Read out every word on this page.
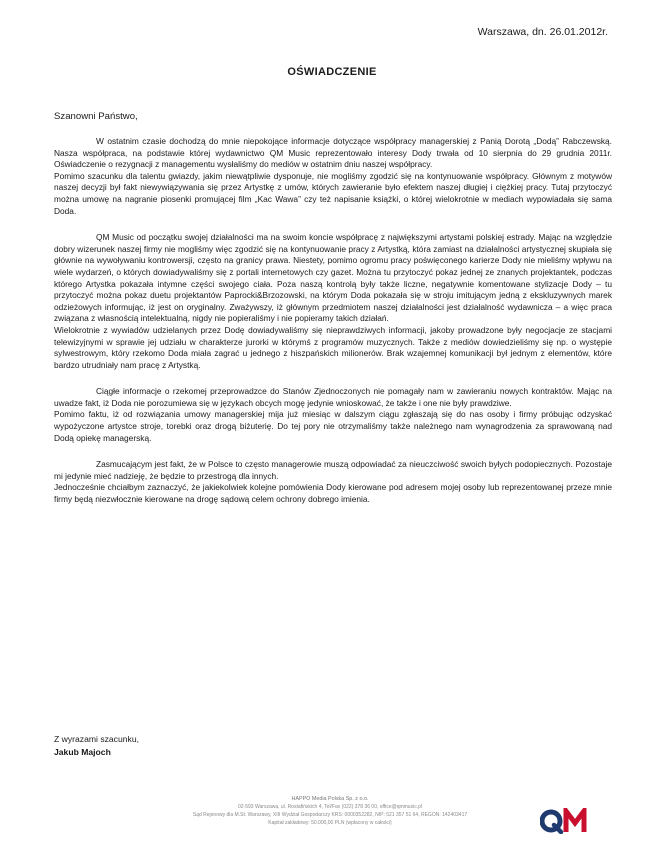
Warszawa, dn. 26.01.2012r.
OŚWIADCZENIE
Szanowni Państwo,

W ostatnim czasie dochodzą do mnie niepokojące informacje dotyczące współpracy managerskiej z Panią Dorotą „Dodą” Rabczewską. Nasza współpraca, na podstawie której wydawnictwo QM Music reprezentowało interesy Dody trwała od 10 sierpnia do 29 grudnia 2011r. Oświadczenie o rezygnacji z managementu wysłaliśmy do mediów w ostatnim dniu naszej współpracy.

Pomimo szacunku dla talentu gwiazdy, jakim niewątpliwie dysponuje, nie mogliśmy zgodzić się na kontynuowanie współpracy. Głównym z motywów naszej decyzji był fakt niewywiązywania się przez Artystkę z umów, których zawieranie było efektem naszej długiej i ciężkiej pracy. Tutaj przytoczyć można umowę na nagranie piosenki promującej film „Kac Wawa” czy też napisanie książki, o której wielokrotnie w mediach wypowiadała się sama Doda.

QM Music od początku swojej działalności ma na swoim koncie współpracę z największymi artystami polskiej estrady. Mając na względzie dobry wizerunek naszej firmy nie mogliśmy więc zgodzić się na kontynuowanie pracy z Artystką, która zamiast na działalności artystycznej skupiała się głównie na wywoływaniu kontrowersji, często na granicy prawa. Niestety, pomimo ogromu pracy poświęconego karierze Dody nie mieliśmy wpływu na wiele wydarzeń, o których dowiadywaliśmy się z portali internetowych czy gazet. Można tu przytoczyć pokaz jednej ze znanych projektantek, podczas którego Artystka pokazała intymne części swojego ciała. Poza naszą kontrolą były także liczne, negatywnie komentowane stylizacje Dody – tu przytoczyć można pokaz duetu projektantów Paprocki&Brzozowski, na którym Doda pokazała się w stroju imitującym jedną z ekskluzywnych marek odzieżowych informując, iż jest on oryginalny. Zważywszy, iż głównym przedmiotem naszej działalności jest działalność wydawnicza – a więc praca związana z własnością intelektualną, nigdy nie popieraliśmy i nie popieramy takich działań.

Wielokrotnie z wywiadów udzielanych przez Dodę dowiadywaliśmy się nieprawdziwych informacji, jakoby prowadzone były negocjacje ze stacjami telewizyjnymi w sprawie jej udziału w charakterze jurorki w którymś z programów muzycznych. Także z mediów dowiedzieliśmy się np. o występie sylwestrowym, który rzekomo Doda miała zagrać u jednego z hiszpańskich milionerów. Brak wzajemnej komunikacji był jednym z elementów, które bardzo utrudniały nam pracę z Artystką.

Ciągłe informacje o rzekomej przeprowadzce do Stanów Zjednoczonych nie pomagały nam w zawieraniu nowych kontraktów. Mając na uwadze fakt, iż Doda nie porozumiewa się w językach obcych mogę jedynie wnioskować, że także i one nie były prawdziwe.

Pomimo faktu, iż od rozwiązania umowy managerskiej mija już miesiąc w dalszym ciągu zgłaszają się do nas osoby i firmy próbując odzyskać wypożyczone artystce stroje, torebki oraz drogą biżuterię. Do tej pory nie otrzymaliśmy także należnego nam wynagrodzenia za sprawowaną nad Dodą opiekę managerską.

Zasmucającym jest fakt, że w Polsce to często managerowie muszą odpowiadać za nieuczciwość swoich byłych podopiecznych. Pozostaje mi jedynie mieć nadzieję, że będzie to przestrogą dla innych.

Jednocześnie chciałbym zaznaczyć, że jakiekolwiek kolejne pomówienia Dody kierowane pod adresem mojej osoby lub reprezentowanej przeze mnie firmy będą niezwłocznie kierowane na drogę sądową celem ochrony dobrego imienia.

Z wyrazami szacunku,
Jakub Majoch
HAPPO Media Polska Sp. z o.o.
02-593 Warszawa, ul. Rostafińskich 4, Tel/Fax (022) 378 36 00, office@qmmusic.pl
Sąd Rejonowy dla M.St. Warszawy, XIII Wydział Gospodarczy KRS: 0000352282, NIP: 521 357 51 64, REGON: 142403417
Kapitał zakładowy: 50.000,00 PLN (wpłacony w całości)
